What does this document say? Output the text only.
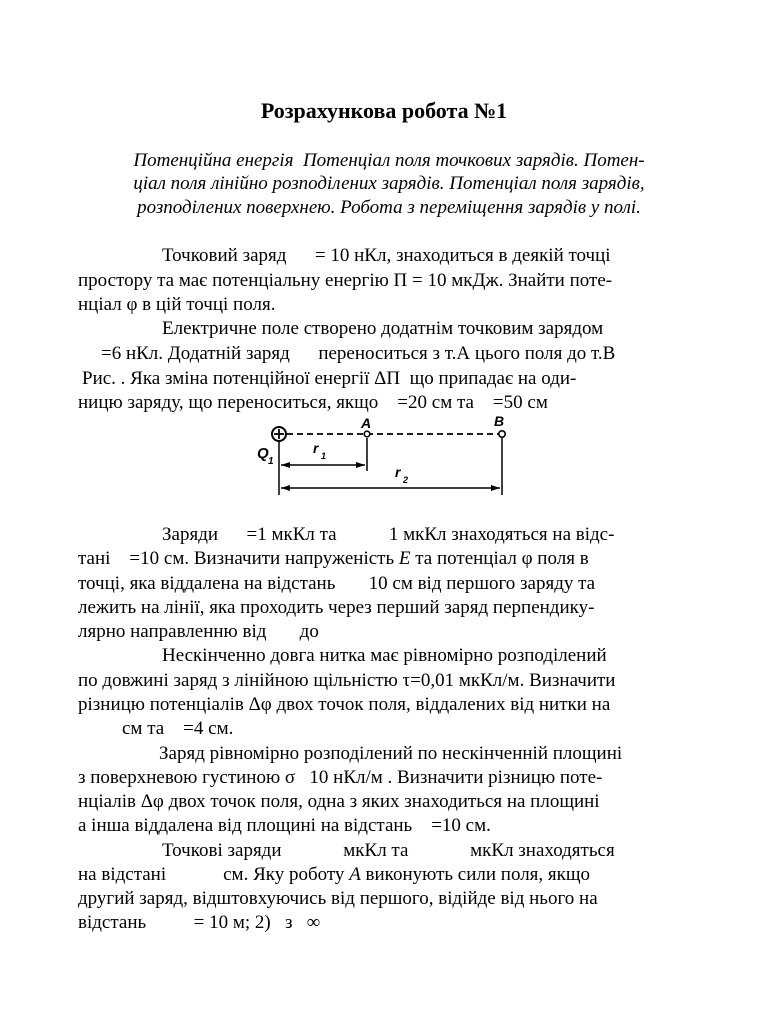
Розрахункова робота №1
Потенційна енергія  Потенціал поля точкових зарядів. Потен-
ціал поля лінійно розподілених зарядів. Потенціал поля зарядів,
розподілених поверхнею. Робота з переміщення зарядів у полі.
Точковий заряд      = 10 нКл, знаходиться в деякій точці
простору та має потенціальну енергію П = 10 мкДж. Знайти поте-
нціал φ в цій точці поля.
Електричне поле створено додатнім точковим зарядом
=6 нКл. Додатній заряд      переноситься з т.А цього поля до т.В
Рис. . Яка зміна потенційної енергії ΔП  що припадає на оди-
ницю заряду, що переноситься, якщо    =20 см та    =50 см
A	B
Q 1
r 1
r 2
Заряди      =1 мкКл та           1 мкКл знаходяться на відс-
тані    =10 см. Визначити напруженість E та потенціал φ поля в
точці, яка віддалена на відстань       10 см від першого заряду та
лежить на лінії, яка проходить через перший заряд перпендику-
лярно направленню від       до
Нескінченно довга нитка має рівномірно розподілений
по довжині заряд з лінійною щільністю τ=0,01 мкКл/м. Визначити
різницю потенціалів Δφ двох точок поля, віддалених від нитки на
см та    =4 см.
Заряд рівномірно розподілений по нескінченній площині
з поверхневою густиною σ   10 нКл/м . Визначити різницю поте-
нціалів Δφ двох точок поля, одна з яких знаходиться на площині
а інша віддалена від площині на відстань    =10 см.
Точкові заряди             мкКл та             мкКл знаходяться
на відстані            см. Яку роботу A виконують сили поля, якщо
другий заряд, відштовхуючись від першого, відійде від нього на
відстань          = 10 м; 2)   з   ∞
